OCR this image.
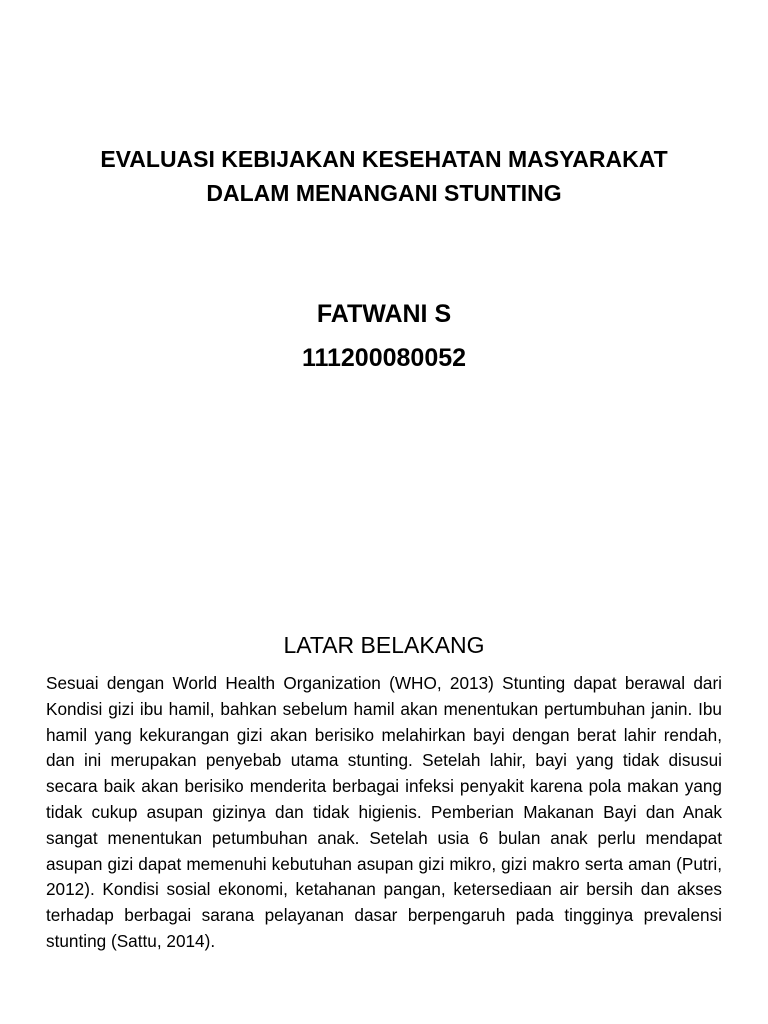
EVALUASI KEBIJAKAN KESEHATAN MASYARAKAT
DALAM MENANGANI STUNTING
FATWANI S
111200080052
LATAR BELAKANG
Sesuai dengan World Health Organization (WHO, 2013) Stunting dapat berawal dari Kondisi gizi ibu hamil, bahkan sebelum hamil akan menentukan pertumbuhan janin. Ibu hamil yang kekurangan gizi akan berisiko melahirkan bayi dengan berat lahir rendah, dan ini merupakan penyebab utama stunting. Setelah lahir, bayi yang tidak disusui secara baik akan berisiko menderita berbagai infeksi penyakit karena pola makan yang tidak cukup asupan gizinya dan tidak higienis. Pemberian Makanan Bayi dan Anak sangat menentukan petumbuhan anak. Setelah usia 6 bulan anak perlu mendapat asupan gizi dapat memenuhi kebutuhan asupan gizi mikro, gizi makro serta aman (Putri, 2012). Kondisi sosial ekonomi, ketahanan pangan, ketersediaan air bersih dan akses terhadap berbagai sarana pelayanan dasar berpengaruh pada tingginya prevalensi stunting (Sattu, 2014).
